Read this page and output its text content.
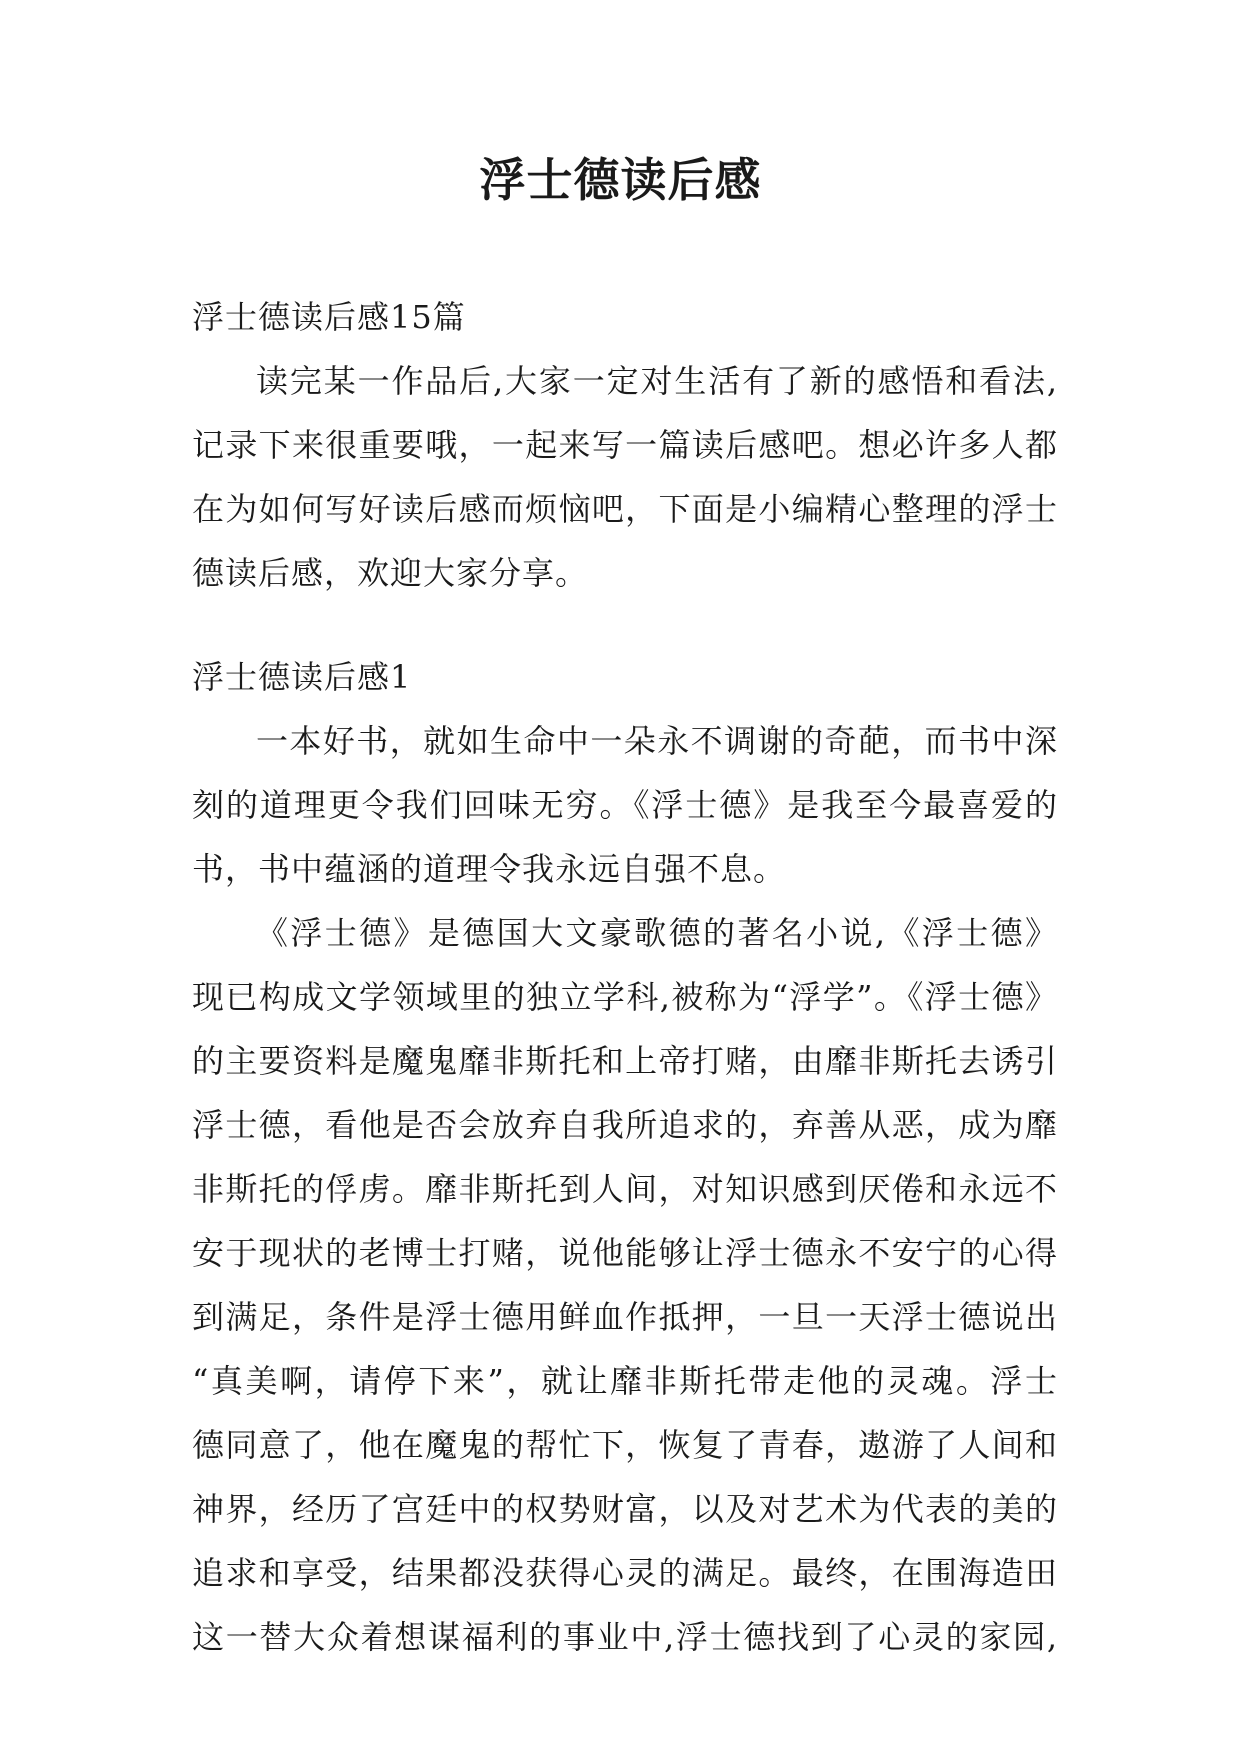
浮士德读后感
浮士德读后感15篇
读完某一作品后,大家一定对生活有了新的感悟和看法,
记录下来很重要哦，一起来写一篇读后感吧。想必许多人都
在为如何写好读后感而烦恼吧，下面是小编精心整理的浮士
德读后感，欢迎大家分享。
浮士德读后感1
一本好书，就如生命中一朵永不调谢的奇葩，而书中深
刻的道理更令我们回味无穷。《浮士德》是我至今最喜爱的
书，书中蕴涵的道理令我永远自强不息。
《浮士德》是德国大文豪歌德的著名小说,《浮士德》
现已构成文学领域里的独立学科,被称为“浮学”。《浮士德》
的主要资料是魔鬼靡非斯托和上帝打赌，由靡非斯托去诱引
浮士德，看他是否会放弃自我所追求的，弃善从恶，成为靡
非斯托的俘虏。靡非斯托到人间，对知识感到厌倦和永远不
安于现状的老博士打赌，说他能够让浮士德永不安宁的心得
到满足，条件是浮士德用鲜血作抵押，一旦一天浮士德说出
“真美啊，请停下来”，就让靡非斯托带走他的灵魂。浮士
德同意了，他在魔鬼的帮忙下，恢复了青春，遨游了人间和
神界，经历了宫廷中的权势财富，以及对艺术为代表的美的
追求和享受，结果都没获得心灵的满足。最终，在围海造田
这一替大众着想谋福利的事业中,浮士德找到了心灵的家园,
